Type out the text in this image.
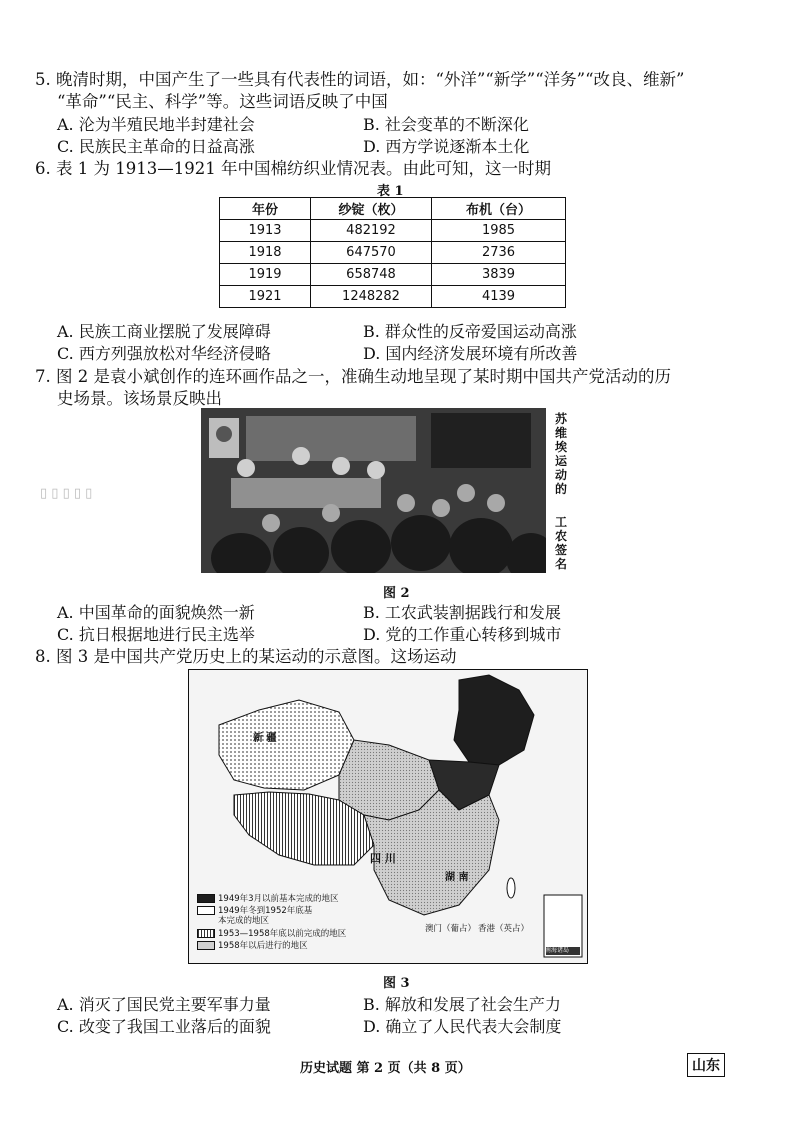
5. 晚清时期，中国产生了一些具有代表性的词语，如：“外洋”“新学”“洋务”“改良、维新”
“革命”“民主、科学”等。这些词语反映了中国
A. 沦为半殖民地半封建社会	B. 社会变革的不断深化
C. 民族民主革命的日益高涨	D. 西方学说逐渐本土化
6. 表 1 为 1913—1921 年中国棉纺织业情况表。由此可知，这一时期
表 1
年份	纱锭（枚）	布机（台）
1913	482192	1985
1918	647570	2736
1919	658748	3839
1921	1248282	4139
A. 民族工商业摆脱了发展障碍	B. 群众性的反帝爱国运动高涨
C. 西方列强放松对华经济侵略	D. 国内经济发展环境有所改善
7. 图 2 是袁小斌创作的连环画作品之一，准确生动地呈现了某时期中国共产党活动的历
史场景。该场景反映出
苏维埃运动的
工农签名
图 2
▯ ▯ ▯ ▯ ▯
A. 中国革命的面貌焕然一新	B. 工农武装割据践行和发展
C. 抗日根据地进行民主选举	D. 党的工作重心转移到城市
8. 图 3 是中国共产党历史上的某运动的示意图。这场运动
新 疆
四 川
湖 南
澳门（葡占） 香港（英占）
南海诸岛
1949年3月以前基本完成的地区
1949年冬到1952年底基本完成的地区
1953—1958年底以前完成的地区
1958年以后进行的地区
图 3
A. 消灭了国民党主要军事力量	B. 解放和发展了社会生产力
C. 改变了我国工业落后的面貌	D. 确立了人民代表大会制度
历史试题 第 2 页（共 8 页）	山东
